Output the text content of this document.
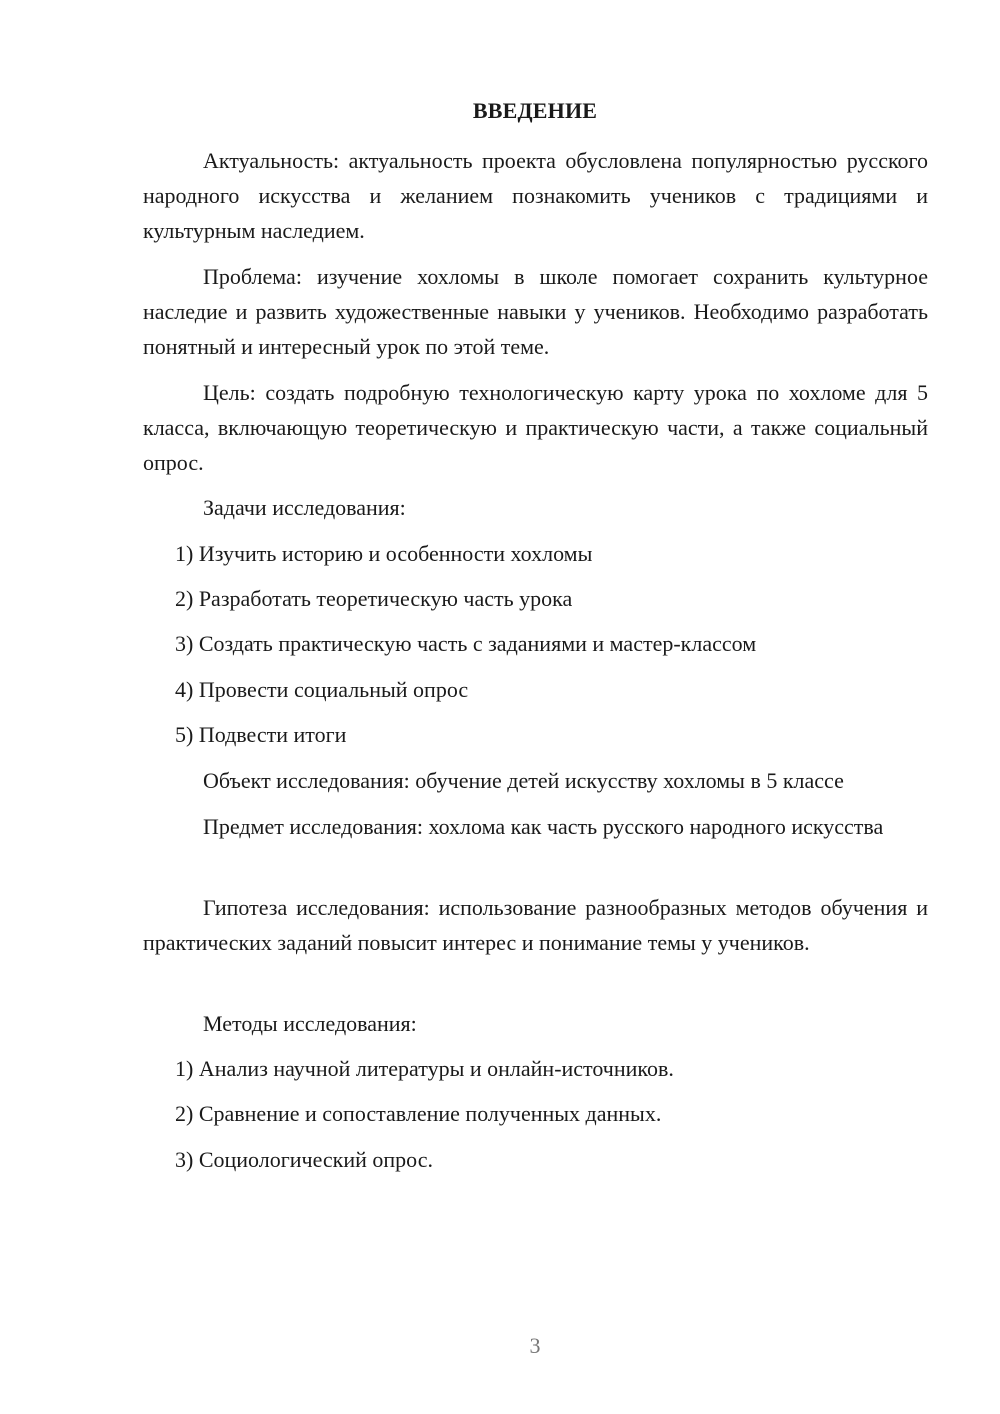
ВВЕДЕНИЕ

Актуальность: актуальность проекта обусловлена популярностью русского народного искусства и желанием познакомить учеников с традициями и культурным наследием.

Проблема: изучение хохломы в школе помогает сохранить культурное наследие и развить художественные навыки у учеников. Необходимо разработать понятный и интересный урок по этой теме.

Цель: создать подробную технологическую карту урока по хохломе для 5 класса, включающую теоретическую и практическую части, а также социальный опрос.

Задачи исследования:
1) Изучить историю и особенности хохломы
2) Разработать теоретическую часть урока
3) Создать практическую часть с заданиями и мастер-классом
4) Провести социальный опрос
5) Подвести итоги
Объект исследования: обучение детей искусству хохломы в 5 классе

Предмет исследования: хохлома как часть русского народного искусства

Гипотеза исследования: использование разнообразных методов обучения и практических заданий повысит интерес и понимание темы у учеников.

Методы исследования:
1) Анализ научной литературы и онлайн-источников.
2) Сравнение и сопоставление полученных данных.
3) Социологический опрос.
3
